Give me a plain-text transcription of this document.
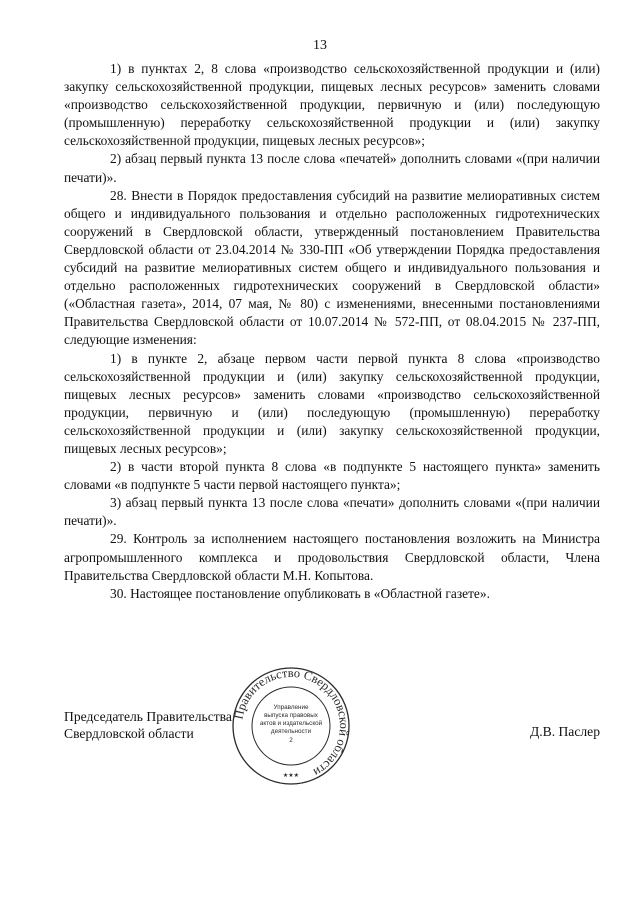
13

1) в пунктах 2, 8 слова «производство сельскохозяйственной продукции и (или) закупку сельскохозяйственной продукции, пищевых лесных ресурсов» заменить словами «производство сельскохозяйственной продукции, первичную и (или) последующую (промышленную) переработку сельскохозяйственной продукции и (или) закупку сельскохозяйственной продукции, пищевых лесных ресурсов»;

2) абзац первый пункта 13 после слова «печатей» дополнить словами «(при наличии печати)».

28. Внести в Порядок предоставления субсидий на развитие мелиоративных систем общего и индивидуального пользования и отдельно расположенных гидротехнических сооружений в Свердловской области, утвержденный постановлением Правительства Свердловской области от 23.04.2014 № 330-ПП «Об утверждении Порядка предоставления субсидий на развитие мелиоративных систем общего и индивидуального пользования и отдельно расположенных гидротехнических сооружений в Свердловской области» («Областная газета», 2014, 07 мая, № 80) с изменениями, внесенными постановлениями Правительства Свердловской области от 10.07.2014 № 572-ПП, от 08.04.2015 № 237-ПП, следующие изменения:

1) в пункте 2, абзаце первом части первой пункта 8 слова «производство сельскохозяйственной продукции и (или) закупку сельскохозяйственной продукции, пищевых лесных ресурсов» заменить словами «производство сельскохозяйственной продукции, первичную и (или) последующую (промышленную) переработку сельскохозяйственной продукции и (или) закупку сельскохозяйственной продукции, пищевых лесных ресурсов»;

2) в части второй пункта 8 слова «в подпункте 5 настоящего пункта» заменить словами «в подпункте 5 части первой настоящего пункта»;

3) абзац первый пункта 13 после слова «печати» дополнить словами «(при наличии печати)».

29. Контроль за исполнением настоящего постановления возложить на Министра агропромышленного комплекса и продовольствия Свердловской области, Члена Правительства Свердловской области М.Н. Копытова.

30. Настоящее постановление опубликовать в «Областной газете».

Председатель Правительства
Свердловской области	Д.В. Паслер
Правительство Свердловской области
Управление
выпуска правовых
актов и издательской
деятельности
2
★★★
